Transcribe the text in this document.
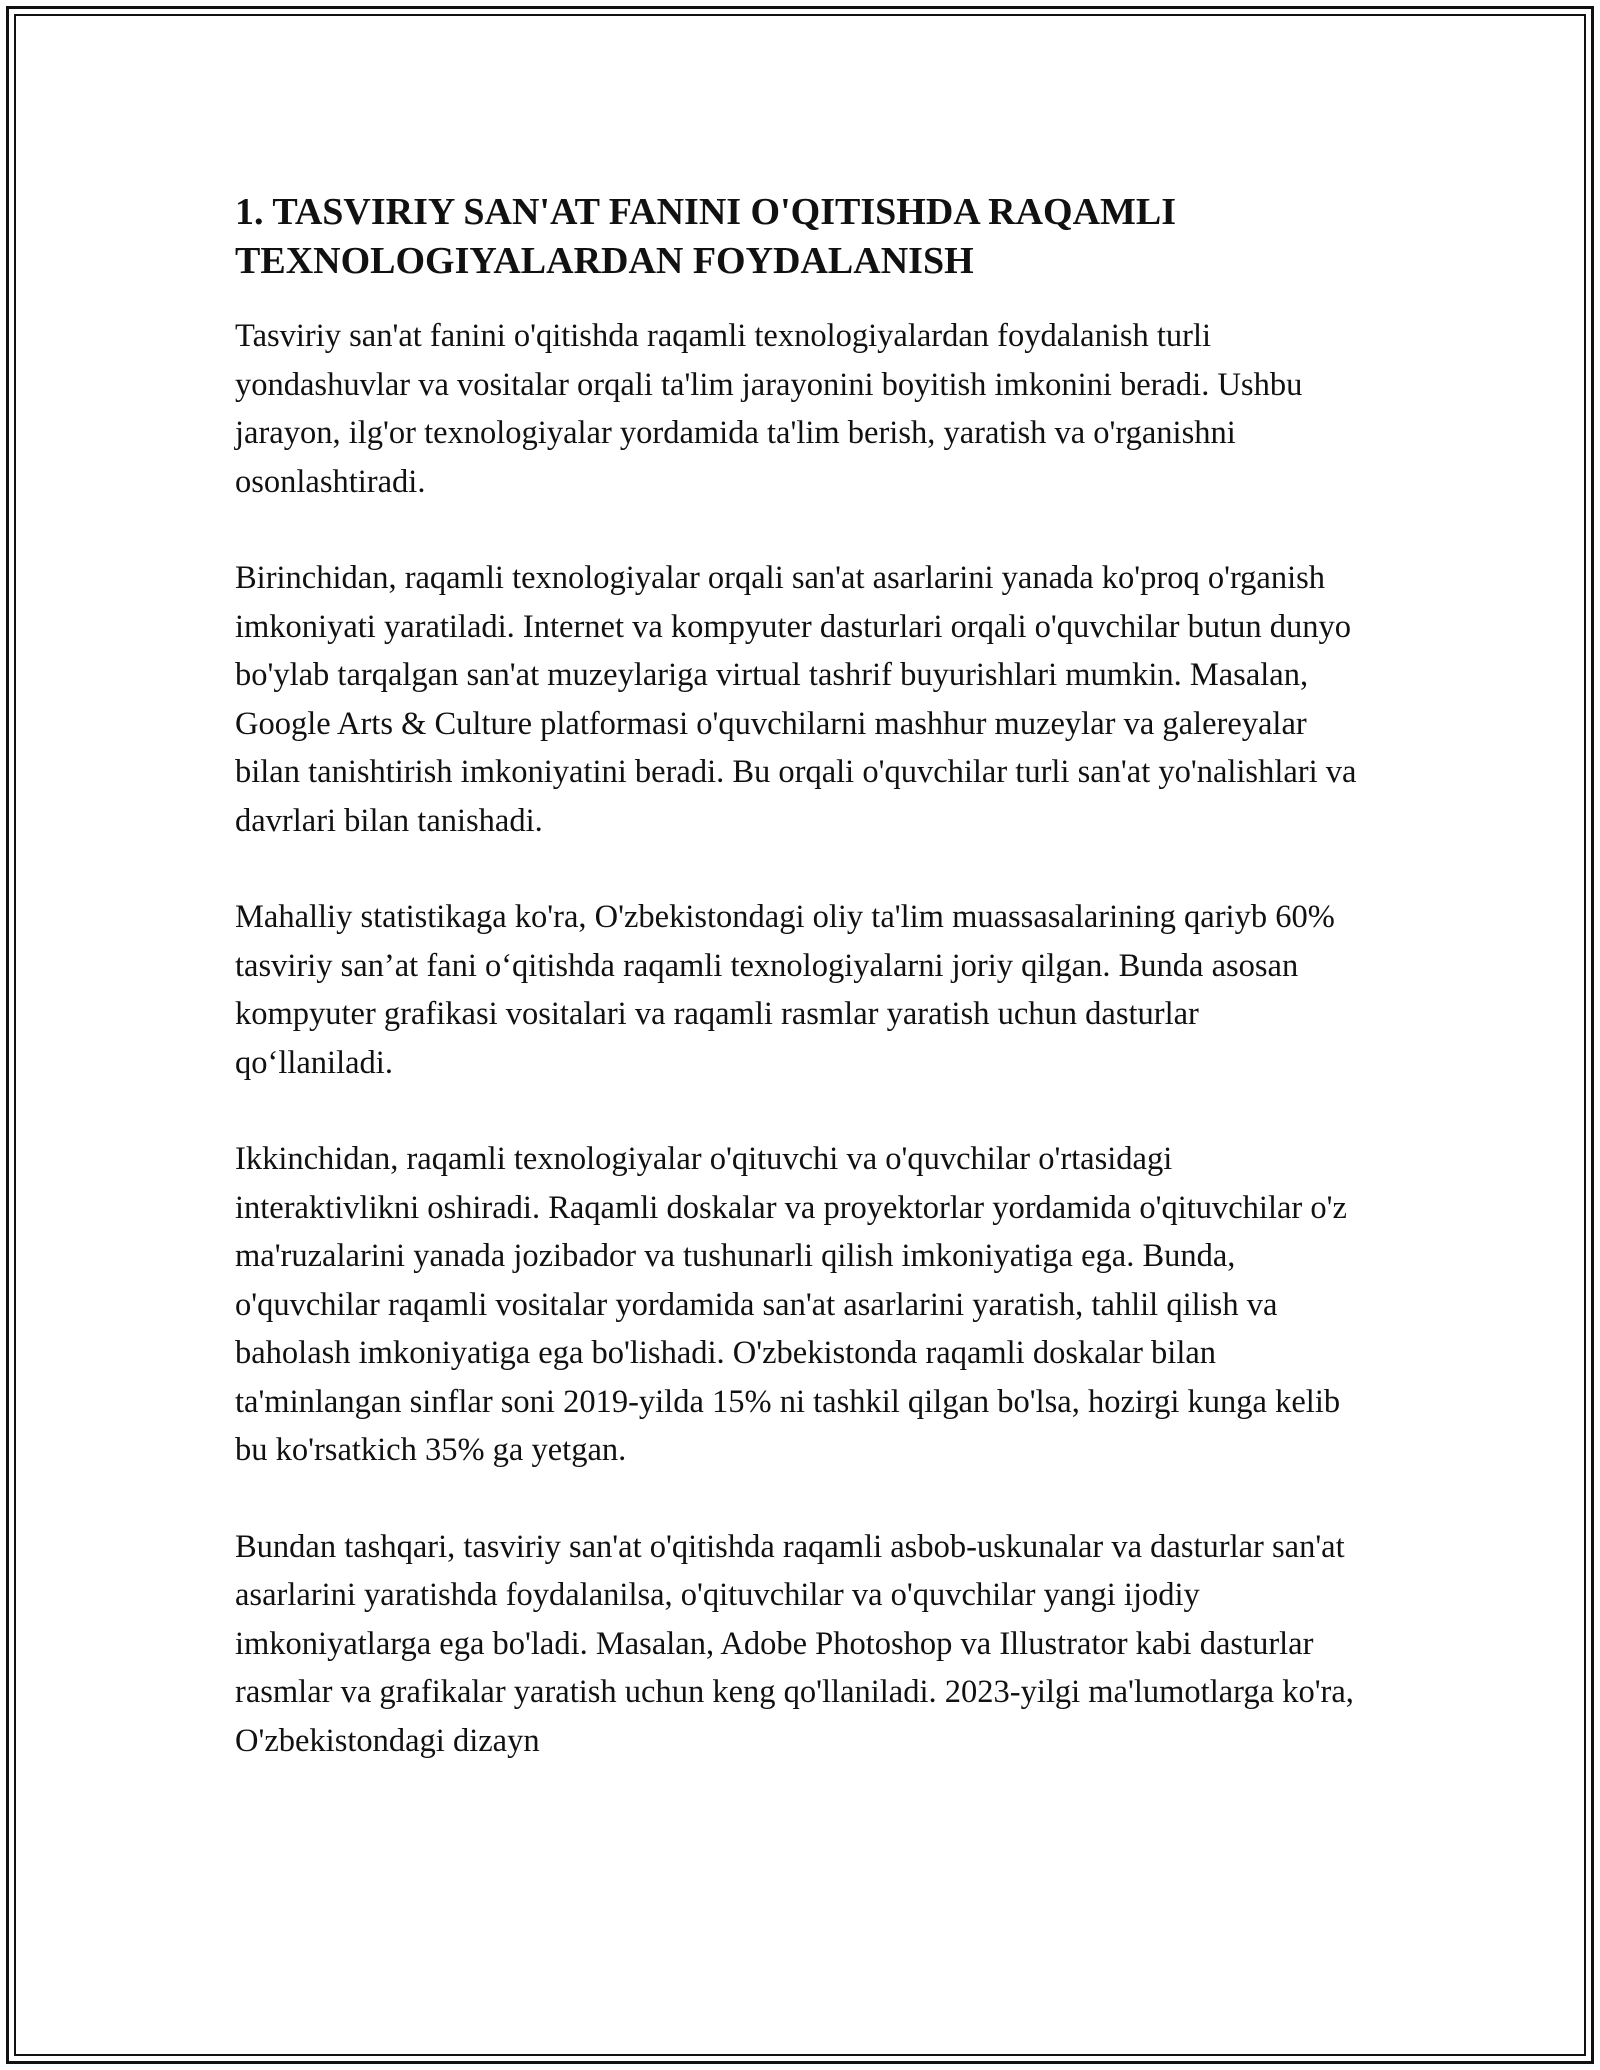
1. TASVIRIY SAN'AT FANINI O'QITISHDA RAQAMLI TEXNOLOGIYALARDAN FOYDALANISH

Tasviriy san'at fanini o'qitishda raqamli texnologiyalardan foydalanish turli yondashuvlar va vositalar orqali ta'lim jarayonini boyitish imkonini beradi. Ushbu jarayon, ilg'or texnologiyalar yordamida ta'lim berish, yaratish va o'rganishni osonlashtiradi.

Birinchidan, raqamli texnologiyalar orqali san'at asarlarini yanada ko'proq o'rganish imkoniyati yaratiladi. Internet va kompyuter dasturlari orqali o'quvchilar butun dunyo bo'ylab tarqalgan san'at muzeylariga virtual tashrif buyurishlari mumkin. Masalan, Google Arts & Culture platformasi o'quvchilarni mashhur muzeylar va galereyalar bilan tanishtirish imkoniyatini beradi. Bu orqali o'quvchilar turli san'at yo'nalishlari va davrlari bilan tanishadi.

Mahalliy statistikaga ko'ra, O'zbekistondagi oliy ta'lim muassasalarining qariyb 60% tasviriy san’at fani o‘qitishda raqamli texnologiyalarni joriy qilgan. Bunda asosan kompyuter grafikasi vositalari va raqamli rasmlar yaratish uchun dasturlar qo‘llaniladi.

Ikkinchidan, raqamli texnologiyalar o'qituvchi va o'quvchilar o'rtasidagi interaktivlikni oshiradi. Raqamli doskalar va proyektorlar yordamida o'qituvchilar o'z ma'ruzalarini yanada jozibador va tushunarli qilish imkoniyatiga ega. Bunda, o'quvchilar raqamli vositalar yordamida san'at asarlarini yaratish, tahlil qilish va baholash imkoniyatiga ega bo'lishadi. O'zbekistonda raqamli doskalar bilan ta'minlangan sinflar soni 2019-yilda 15% ni tashkil qilgan bo'lsa, hozirgi kunga kelib bu ko'rsatkich 35% ga yetgan.

Bundan tashqari, tasviriy san'at o'qitishda raqamli asbob-uskunalar va dasturlar san'at asarlarini yaratishda foydalanilsa, o'qituvchilar va o'quvchilar yangi ijodiy imkoniyatlarga ega bo'ladi. Masalan, Adobe Photoshop va Illustrator kabi dasturlar rasmlar va grafikalar yaratish uchun keng qo'llaniladi. 2023-yilgi ma'lumotlarga ko'ra, O'zbekistondagi dizayn
